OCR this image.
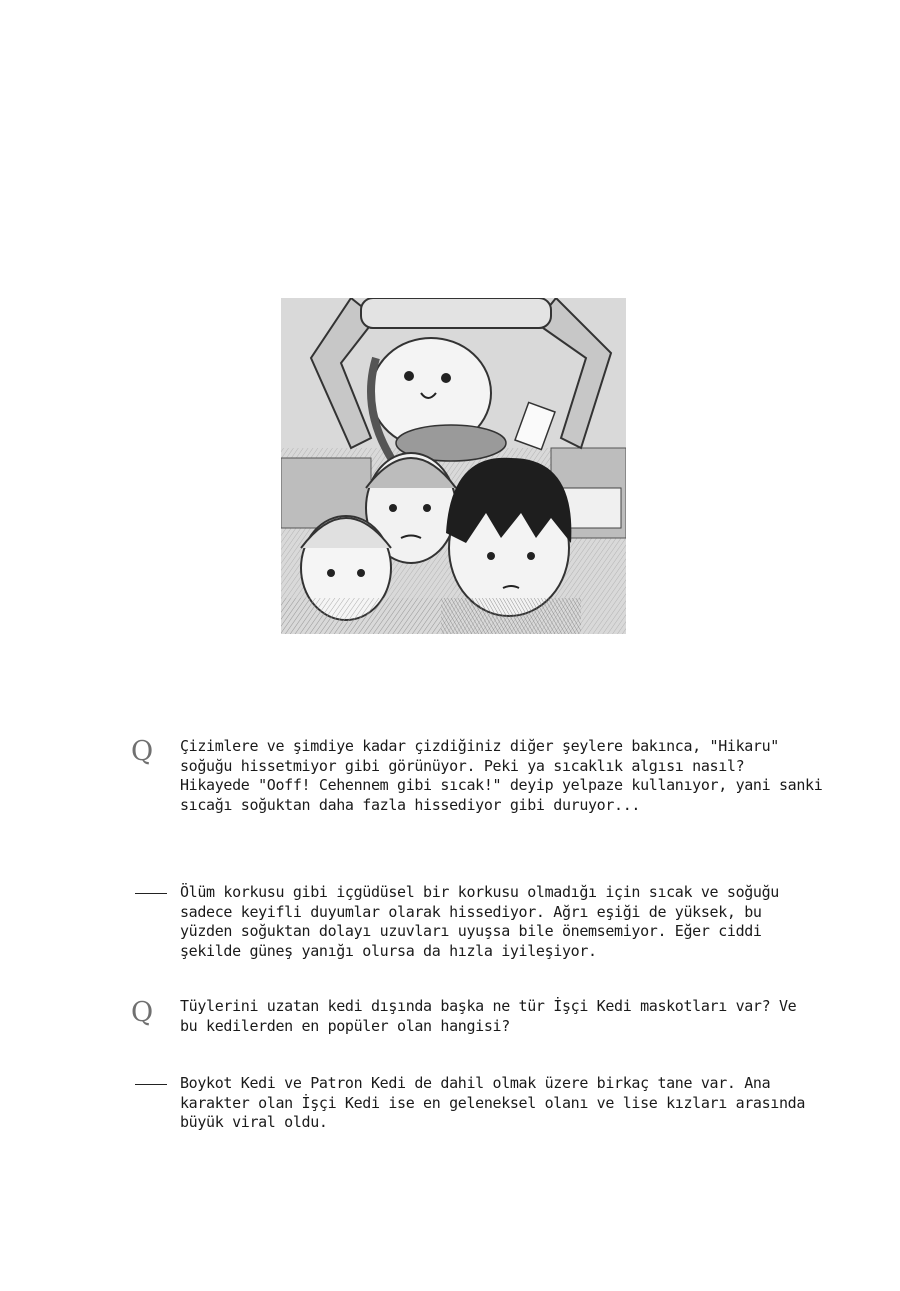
Q Çizimlere ve şimdiye kadar çizdiğiniz diğer şeylere bakınca, "Hikaru"
soğuğu hissetmiyor gibi görünüyor. Peki ya sıcaklık algısı nasıl?
Hikayede "Ooff! Cehennem gibi sıcak!" deyip yelpaze kullanıyor, yani sanki
sıcağı soğuktan daha fazla hissediyor gibi duruyor...
Ölüm korkusu gibi içgüdüsel bir korkusu olmadığı için sıcak ve soğuğu
sadece keyifli duyumlar olarak hissediyor. Ağrı eşiği de yüksek, bu
yüzden soğuktan dolayı uzuvları uyuşsa bile önemsemiyor. Eğer ciddi
şekilde güneş yanığı olursa da hızla iyileşiyor.
Q Tüylerini uzatan kedi dışında başka ne tür İşçi Kedi maskotları var? Ve
bu kedilerden en popüler olan hangisi?
Boykot Kedi ve Patron Kedi de dahil olmak üzere birkaç tane var. Ana
karakter olan İşçi Kedi ise en geleneksel olanı ve lise kızları arasında
büyük viral oldu.
